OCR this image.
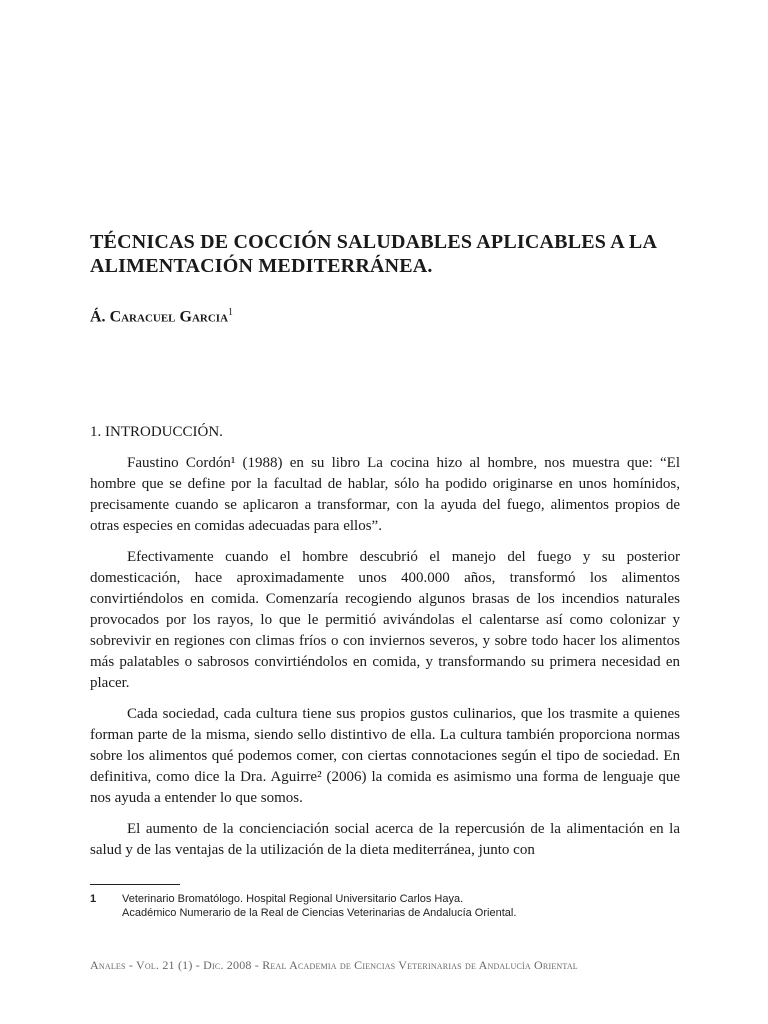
TÉCNICAS DE COCCIÓN SALUDABLES APLICABLES A LA ALIMENTACIÓN MEDITERRÁNEA.

Á. Caracuel Garcia$^1$

1. INTRODUCCIÓN.

Faustino Cordón¹ (1988) en su libro La cocina hizo al hombre, nos muestra que: “El hombre que se define por la facultad de hablar, sólo ha podido originarse en unos homínidos, precisamente cuando se aplicaron a transformar, con la ayuda del fuego, alimentos propios de otras especies en comidas adecuadas para ellos”.

Efectivamente cuando el hombre descubrió el manejo del fuego y su posterior domesticación, hace aproximadamente unos 400.000 años, transformó los alimentos convirtiéndolos en comida. Comenzaría recogiendo algunos brasas de los incendios naturales provocados por los rayos, lo que le permitió avivándolas el calentarse así como colonizar y sobrevivir en regiones con climas fríos o con inviernos severos, y sobre todo hacer los alimentos más palatables o sabrosos convirtiéndolos en comida, y transformando su primera necesidad en placer.

Cada sociedad, cada cultura tiene sus propios gustos culinarios, que los trasmite a quienes forman parte de la misma, siendo sello distintivo de ella. La cultura también proporciona normas sobre los alimentos qué podemos comer, con ciertas connotaciones según el tipo de sociedad. En definitiva, como dice la Dra. Aguirre² (2006) la comida es asimismo una forma de lenguaje que nos ayuda a entender lo que somos.

El aumento de la concienciación social acerca de la repercusión de la alimentación en la salud y de las ventajas de la utilización de la dieta mediterránea, junto con

1 Veterinario Bromatólogo. Hospital Regional Universitario Carlos Haya.
Académico Numerario de la Real de Ciencias Veterinarias de Andalucía Oriental.
Anales - Vol. 21 (1) - Dic. 2008 - Real Academia de Ciencias Veterinarias de Andalucía Oriental
